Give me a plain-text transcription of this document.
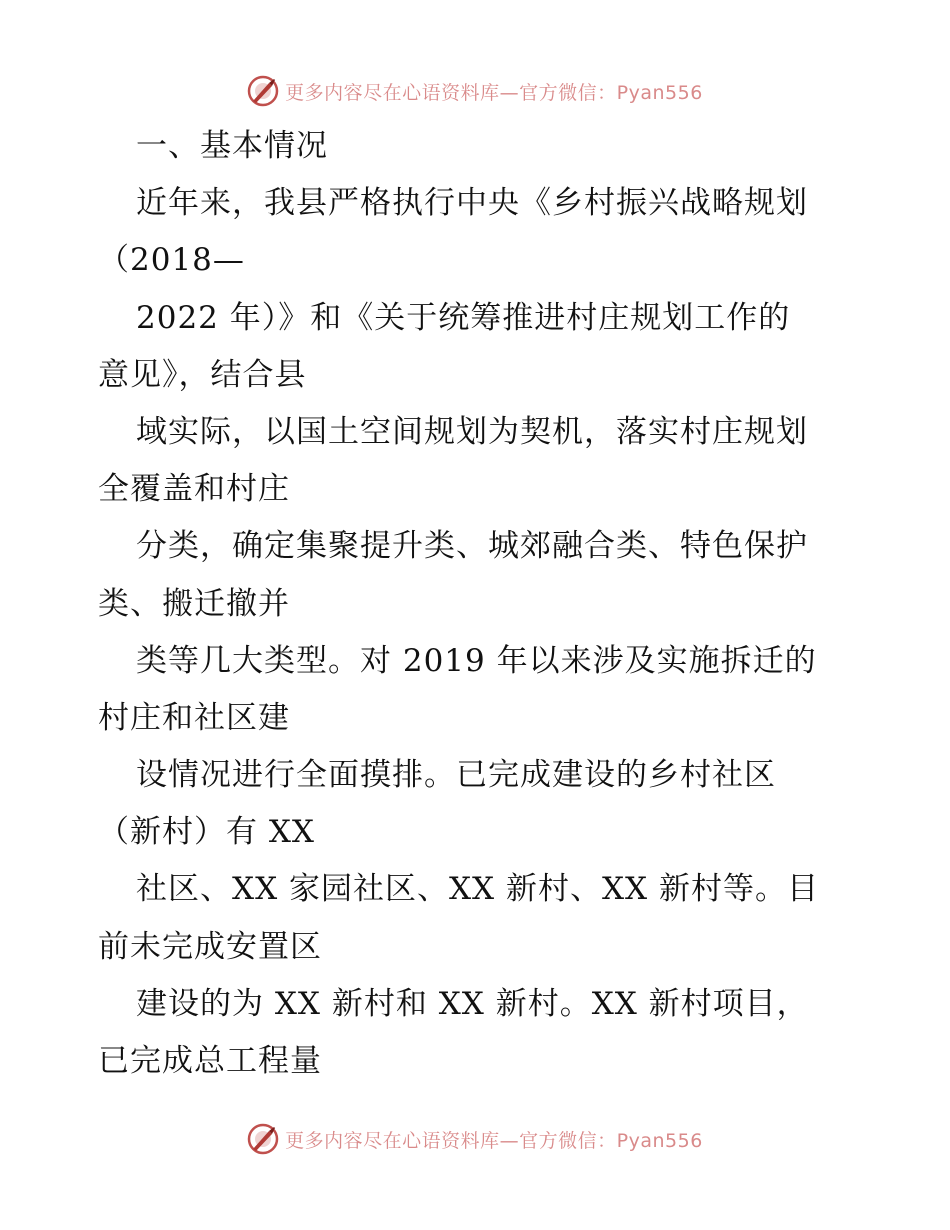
更多内容尽在心语资料库—官方微信：Pyan556
一、基本情况
近年来，我县严格执行中央《乡村振兴战略规划
（2018—
2022 年）》和《关于统筹推进村庄规划工作的
意见》，结合县
域实际，以国土空间规划为契机，落实村庄规划
全覆盖和村庄
分类，确定集聚提升类、城郊融合类、特色保护
类、搬迁撤并
类等几大类型。对 2019 年以来涉及实施拆迁的
村庄和社区建
设情况进行全面摸排。已完成建设的乡村社区
（新村）有 XX
社区、XX 家园社区、XX 新村、XX 新村等。目
前未完成安置区
建设的为 XX 新村和 XX 新村。XX 新村项目，
已完成总工程量
更多内容尽在心语资料库—官方微信：Pyan556
